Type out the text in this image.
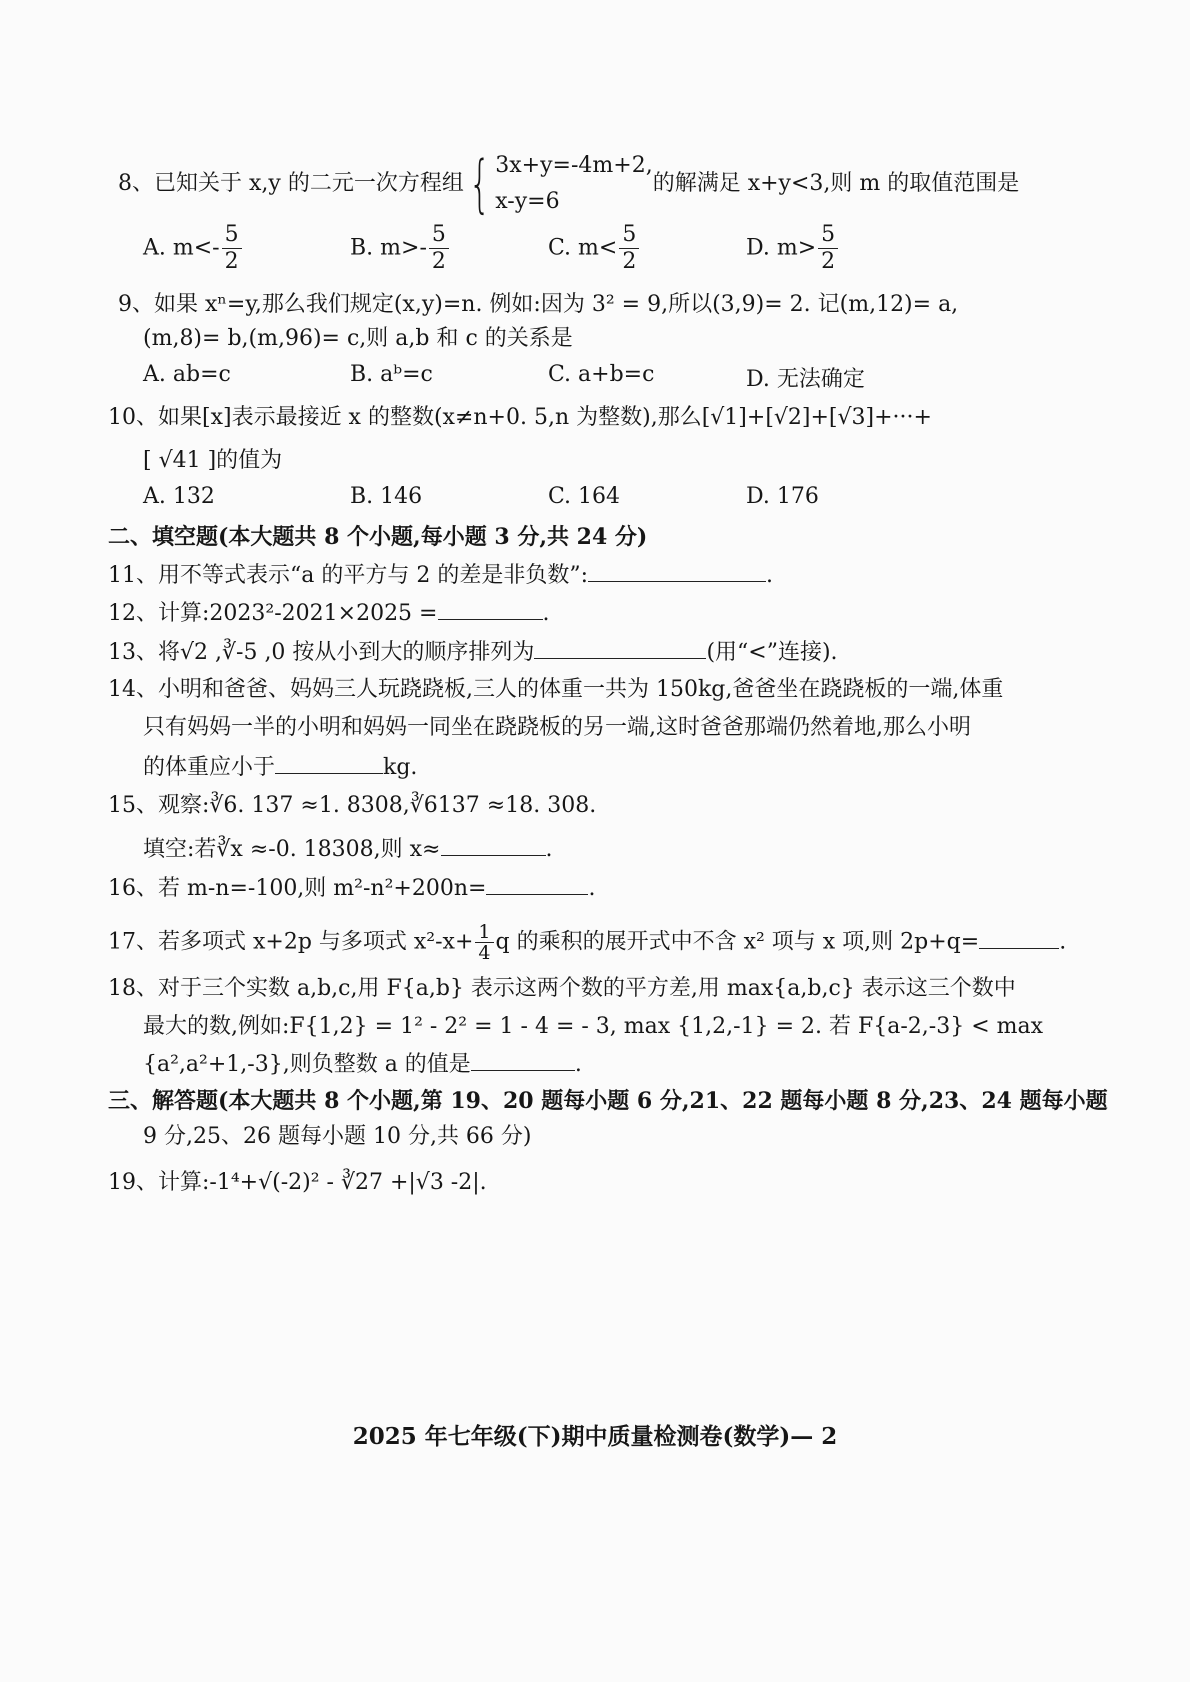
8、已知关于 x,y 的二元一次方程组 { 3x+y=-4m+2,
x-y=6
的解满足 x+y<3,则 m 的取值范围是
A. $m<- \frac{5}{2}$	B. $m>- \frac{5}{2}$	C. $m< \frac{5}{2}$	D. $m> \frac{5}{2}$
9、如果 xⁿ=y,那么我们规定(x,y)=n. 例如:因为 3² = 9,所以(3,9)= 2. 记(m,12)= a,
(m,8)= b,(m,96)= c,则 a,b 和 c 的关系是
A. ab=c	B. aᵇ=c	C. a+b=c	D. 无法确定
10、如果[x]表示最接近 x 的整数(x≠n+0. 5,n 为整数),那么[√1]+[√2]+[√3]+···+
[ √41 ]的值为
A. 132	B. 146	C. 164	D. 176
二、填空题(本大题共 8 个小题,每小题 3 分,共 24 分)
11、用不等式表示“a 的平方与 2 的差是非负数”:	.
12、计算:2023²-2021×2025 =	.
13、将√2 ,∛-5 ,0 按从小到大的顺序排列为	(用“<”连接).
14、小明和爸爸、妈妈三人玩跷跷板,三人的体重一共为 150kg,爸爸坐在跷跷板的一端,体重
只有妈妈一半的小明和妈妈一同坐在跷跷板的另一端,这时爸爸那端仍然着地,那么小明
的体重应小于	kg.
15、观察:∛6. 137 ≈1. 8308,∛6137 ≈18. 308.
填空:若∛x ≈-0. 18308,则 x≈	.
16、若 m-n=-100,则 m²-n²+200n=	.
17、若多项式 x+2p 与多项式 $x^2-x+ \frac{1}{4}$ q 的乘积的展开式中不含 x² 项与 x 项,则 2p+q=	.
18、对于三个实数 a,b,c,用 F{a,b} 表示这两个数的平方差,用 max{a,b,c} 表示这三个数中
最大的数,例如:F{1,2} = 1² - 2² = 1 - 4 = - 3, max {1,2,-1} = 2. 若 F{a-2,-3} < max
{a²,a²+1,-3},则负整数 a 的值是	.
三、解答题(本大题共 8 个小题,第 19、20 题每小题 6 分,21、22 题每小题 8 分,23、24 题每小题
9 分,25、26 题每小题 10 分,共 66 分)
19、计算:-1⁴+√(-2)² - ∛27 +|√3 -2|.
2025 年七年级(下)期中质量检测卷(数学)— 2
